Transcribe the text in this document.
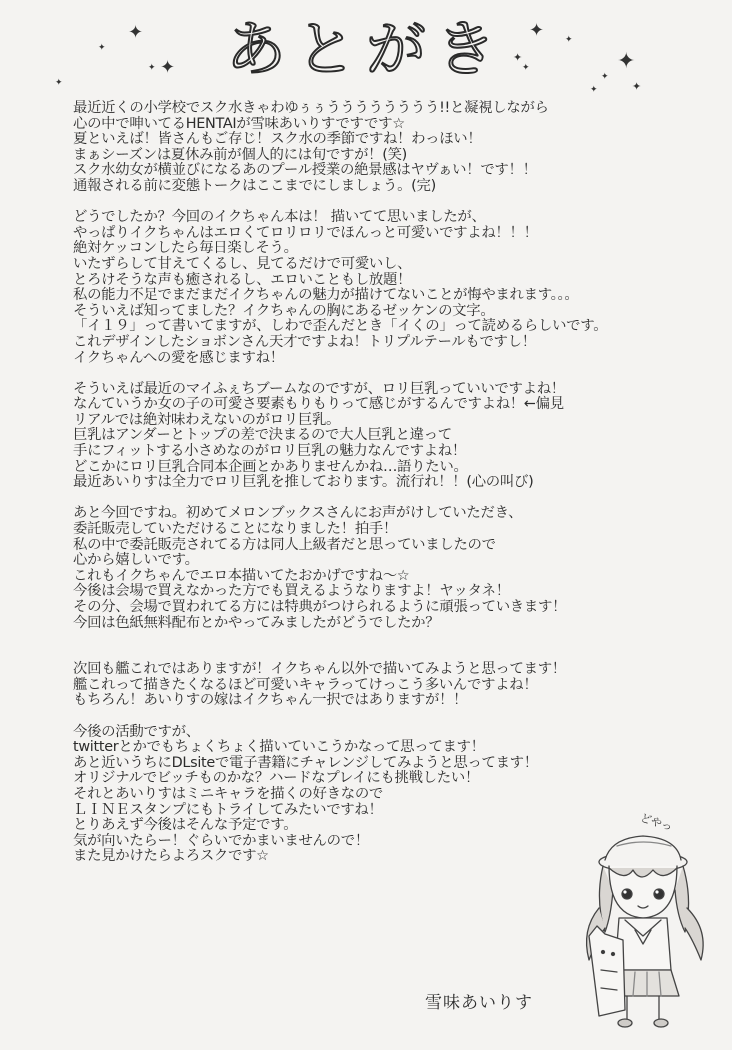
あとがき
✦
✦
✦ ✦
✦
✦ ✦
✦
✦	✦
✦
✦	✦
最近近くの小学校でスク水きゃわゆぅぅうううううううう!!と凝視しながら
心の中で呻いてるHENTAIが雪味あいりすですです☆
夏といえば！皆さんもご存じ！スク水の季節ですね！わっほい！
まぁシーズンは夏休み前が個人的には旬ですが！(笑)
スク水幼女が横並びになるあのプール授業の絶景感はヤヴぁい！です！！
通報される前に変態トークはここまでにしましょう。(完)
どうでしたか？今回のイクちゃん本は！ 描いてて思いましたが、
やっぱりイクちゃんはエロくてロリロリでほんっと可愛いですよね！！！
絶対ケッコンしたら毎日楽しそう。
いたずらして甘えてくるし、見てるだけで可愛いし、
とろけそうな声も癒されるし、エロいこともし放題！
私の能力不足でまだまだイクちゃんの魅力が描けてないことが悔やまれます。。。
そういえば知ってました？イクちゃんの胸にあるゼッケンの文字。
「イ１９」って書いてますが、しわで歪んだとき「イくの」って読めるらしいです。
これデザインしたショボンさん天才ですよね！トリプルテールもですし！
イクちゃんへの愛を感じますね！
そういえば最近のマイふぇちブームなのですが、ロリ巨乳っていいですよね！
なんていうか女の子の可愛さ要素もりもりって感じがするんですよね！←偏見
リアルでは絶対味わえないのがロリ巨乳。
巨乳はアンダーとトップの差で決まるので大人巨乳と違って
手にフィットする小さめなのがロリ巨乳の魅力なんですよね！
どこかにロリ巨乳合同本企画とかありませんかね…語りたい。
最近あいりすは全力でロリ巨乳を推しております。流行れ！！(心の叫び)
あと今回ですね。初めてメロンブックスさんにお声がけしていただき、
委託販売していただけることになりました！拍手！
私の中で委託販売されてる方は同人上級者だと思っていましたので
心から嬉しいです。
これもイクちゃんでエロ本描いてたおかげですね～☆
今後は会場で買えなかった方でも買えるようなりますよ！ヤッタネ！
その分、会場で買われてる方には特典がつけられるように頑張っていきます！
今回は色紙無料配布とかやってみましたがどうでしたか？
次回も艦これではありますが！イクちゃん以外で描いてみようと思ってます！
艦これって描きたくなるほど可愛いキャラってけっこう多いんですよね！
もちろん！あいりすの嫁はイクちゃん一択ではありますが！！
今後の活動ですが、
twitterとかでもちょくちょく描いていこうかなって思ってます！
あと近いうちにDLsiteで電子書籍にチャレンジしてみようと思ってます！
オリジナルでビッチものかな？ハードなプレイにも挑戦したい！
それとあいりすはミニキャラを描くの好きなので
ＬＩＮＥスタンプにもトライしてみたいですね！
とりあえず今後はそんな予定です。
気が向いたらー！ぐらいでかまいませんので！
また見かけたらよろスクです☆
どやっ
雪味あいりす
